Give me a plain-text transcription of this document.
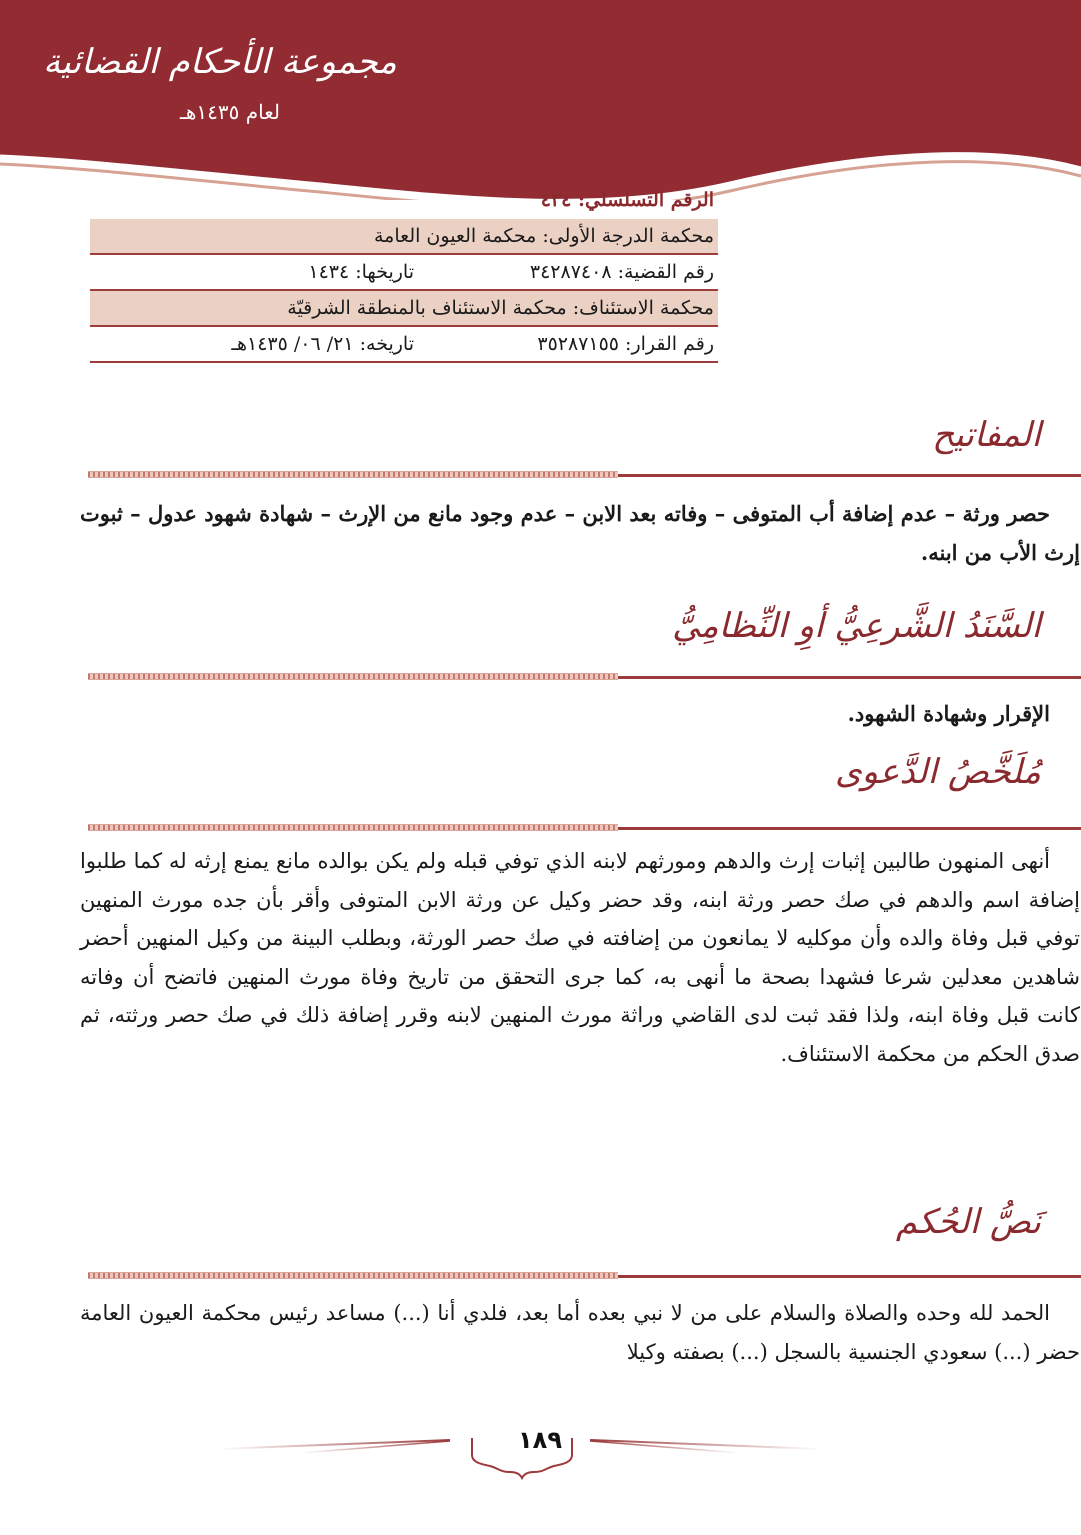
مجموعة الأحكام القضائية
لعام ١٤٣٥هـ
الرقم التسلسلي: ٤٣٤
محكمة الدرجة الأولى: محكمة العيون العامة
رقم القضية: ٣٤٢٨٧٤٠٨
تاريخها: ١٤٣٤
محكمة الاستئناف: محكمة الاستئناف بالمنطقة الشرقيّة
رقم القرار: ٣٥٢٨٧١٥٥
تاريخه: ٢١/ ٠٦/ ١٤٣٥هـ
المفاتيح
حصر ورثة – عدم إضافة أب المتوفى – وفاته بعد الابن – عدم وجود مانع من الإرث – شهادة شهود عدول – ثبوت إرث الأب من ابنه.
السَّنَدُ الشَّرعِيُّ أوِ النِّظامِيُّ
الإقرار وشهادة الشهود.
مُلَخَّصُ الدَّعوى
أنهى المنهون طالبين إثبات إرث والدهم ومورثهم لابنه الذي توفي قبله ولم يكن بوالده مانع يمنع إرثه له كما طلبوا إضافة اسم والدهم في صك حصر ورثة ابنه، وقد حضر وكيل عن ورثة الابن المتوفى وأقر بأن جده مورث المنهين توفي قبل وفاة والده وأن موكليه لا يمانعون من إضافته في صك حصر الورثة، وبطلب البينة من وكيل المنهين أحضر شاهدين معدلين شرعا فشهدا بصحة ما أنهى به، كما جرى التحقق من تاريخ وفاة مورث المنهين فاتضح أن وفاته كانت قبل وفاة ابنه، ولذا فقد ثبت لدى القاضي وراثة مورث المنهين لابنه وقرر إضافة ذلك في صك حصر ورثته، ثم صدق الحكم من محكمة الاستئناف.
نَصُّ الحُكم
الحمد لله وحده والصلاة والسلام على من لا نبي بعده أما بعد، فلدي أنا (...) مساعد رئيس محكمة العيون العامة حضر (...) سعودي الجنسية بالسجل (...) بصفته وكيلا
١٨٩
